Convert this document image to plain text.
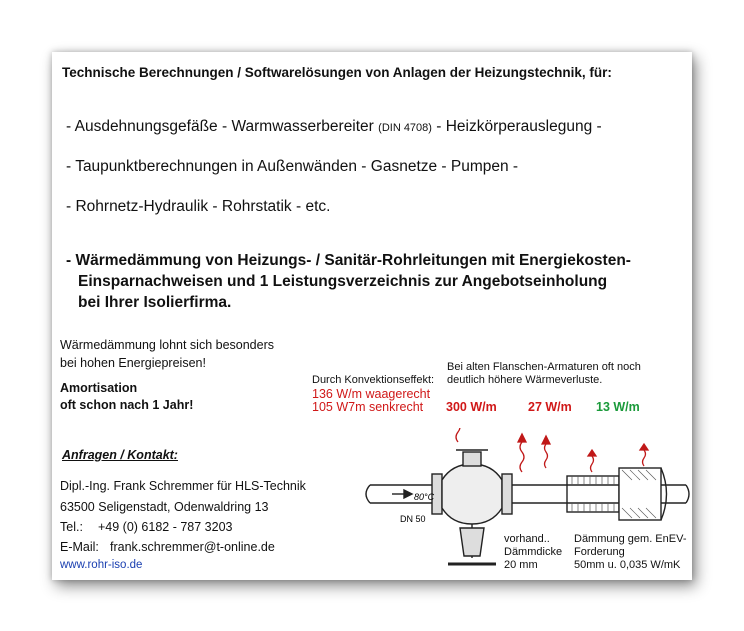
Technische Berechnungen / Softwarelösungen von Anlagen der Heizungstechnik, für:
- Ausdehnungsgefäße - Warmwasserbereiter (DIN 4708) - Heizkörperauslegung -
- Taupunktberechnungen in Außenwänden - Gasnetze - Pumpen -
- Rohrnetz-Hydraulik - Rohrstatik - etc.
- Wärmedämmung von Heizungs- / Sanitär-Rohrleitungen mit Energiekosten-
Einsparnachweisen und 1 Leistungsverzeichnis zur Angebotseinholung
bei Ihrer Isolierfirma.
Wärmedämmung lohnt sich besonders
bei hohen Energiepreisen!
Amortisation
oft schon nach 1 Jahr!
Anfragen / Kontakt:
Dipl.-Ing. Frank Schremmer für HLS-Technik
63500 Seligenstadt, Odenwaldring 13
Tel.: +49 (0) 6182 - 787 3203
E-Mail: frank.schremmer@t-online.de
www.rohr-iso.de
Durch Konvektionseffekt:
136 W/m waagerecht
105 W7m senkrecht
Bei alten Flanschen-Armaturen oft noch
deutlich höhere Wärmeverluste.
300 W/m	27 W/m 13 W/m
80°C
DN 50
vorhand..
Dämmdicke
20 mm
Dämmung gem. EnEV-
Forderung
50mm u. 0,035 W/mK
